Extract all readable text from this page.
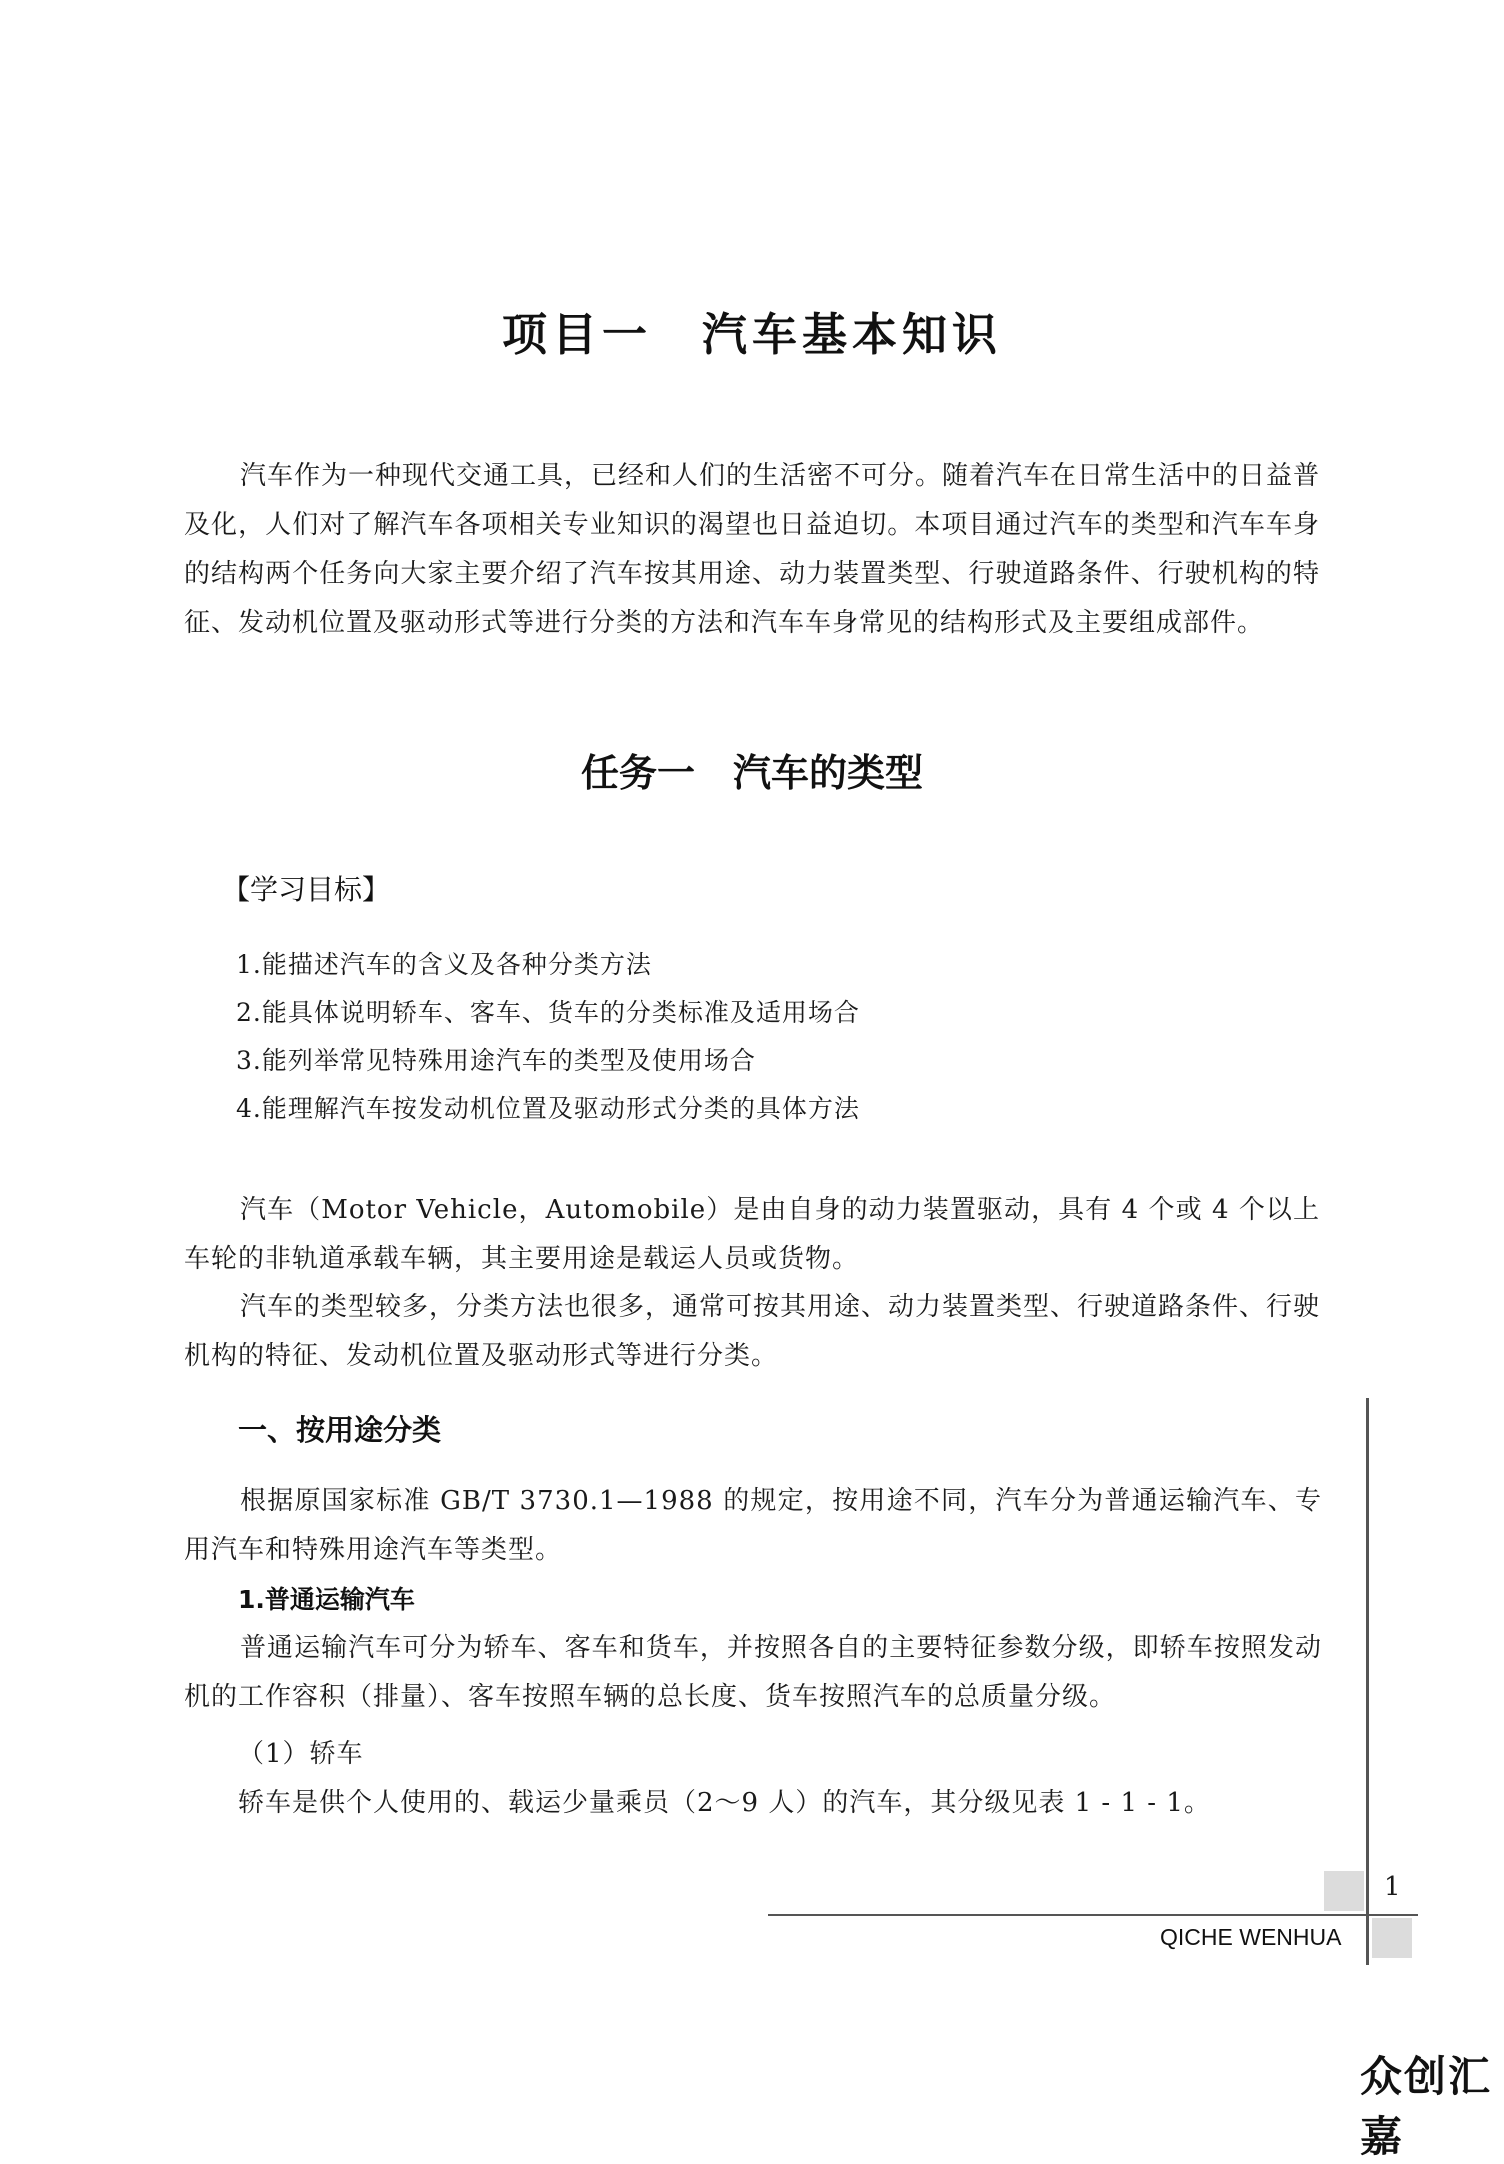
项目一　汽车基本知识
汽车作为一种现代交通工具，已经和人们的生活密不可分。随着汽车在日常生活中的日益普及化，人们对了解汽车各项相关专业知识的渴望也日益迫切。本项目通过汽车的类型和汽车车身的结构两个任务向大家主要介绍了汽车按其用途、动力装置类型、行驶道路条件、行驶机构的特征、发动机位置及驱动形式等进行分类的方法和汽车车身常见的结构形式及主要组成部件。
任务一　汽车的类型
【学习目标】
1.能描述汽车的含义及各种分类方法
2.能具体说明轿车、客车、货车的分类标准及适用场合
3.能列举常见特殊用途汽车的类型及使用场合
4.能理解汽车按发动机位置及驱动形式分类的具体方法
汽车（Motor Vehicle，Automobile）是由自身的动力装置驱动，具有 4 个或 4 个以上车轮的非轨道承载车辆，其主要用途是载运人员或货物。
汽车的类型较多，分类方法也很多，通常可按其用途、动力装置类型、行驶道路条件、行驶机构的特征、发动机位置及驱动形式等进行分类。
一、按用途分类
根据原国家标准 GB/T 3730.1—1988 的规定，按用途不同，汽车分为普通运输汽车、专用汽车和特殊用途汽车等类型。
1.普通运输汽车
普通运输汽车可分为轿车、客车和货车，并按照各自的主要特征参数分级，即轿车按照发动机的工作容积（排量）、客车按照车辆的总长度、货车按照汽车的总质量分级。
（1）轿车
轿车是供个人使用的、载运少量乘员（2～9 人）的汽车，其分级见表 1 - 1 - 1。
1
QICHE WENHUA
众创汇嘉
